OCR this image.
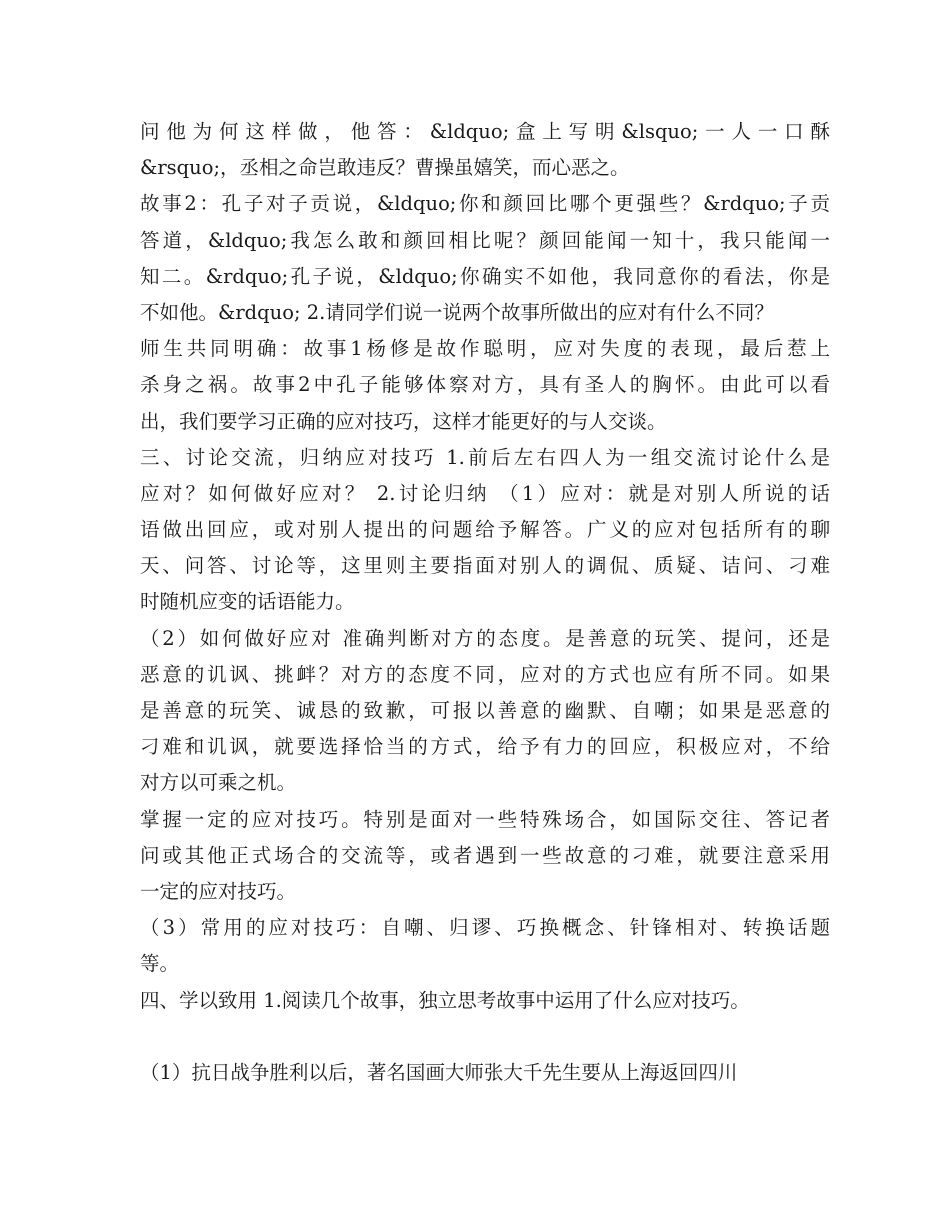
问他为何这样做，他答：&ldquo;盒上写明&lsquo;一人一口酥
&rsquo;，丞相之命岂敢违反？曹操虽嬉笑，而心恶之。
故事2：孔子对子贡说，&ldquo;你和颜回比哪个更强些？&rdquo;子贡
答道，&ldquo;我怎么敢和颜回相比呢？颜回能闻一知十，我只能闻一
知二。&rdquo;孔子说，&ldquo;你确实不如他，我同意你的看法，你是
不如他。&rdquo; 2.请同学们说一说两个故事所做出的应对有什么不同？
师生共同明确：故事1杨修是故作聪明，应对失度的表现，最后惹上
杀身之祸。故事2中孔子能够体察对方，具有圣人的胸怀。由此可以看
出，我们要学习正确的应对技巧，这样才能更好的与人交谈。
三、讨论交流，归纳应对技巧 1.前后左右四人为一组交流讨论什么是
应对？如何做好应对？ 2.讨论归纳 （1）应对：就是对别人所说的话
语做出回应，或对别人提出的问题给予解答。广义的应对包括所有的聊
天、问答、讨论等，这里则主要指面对别人的调侃、质疑、诘问、刁难
时随机应变的话语能力。
（2）如何做好应对 准确判断对方的态度。是善意的玩笑、提问，还是
恶意的讥讽、挑衅？对方的态度不同，应对的方式也应有所不同。如果
是善意的玩笑、诚恳的致歉，可报以善意的幽默、自嘲；如果是恶意的
刁难和讥讽，就要选择恰当的方式，给予有力的回应，积极应对，不给
对方以可乘之机。
掌握一定的应对技巧。特别是面对一些特殊场合，如国际交往、答记者
问或其他正式场合的交流等，或者遇到一些故意的刁难，就要注意采用
一定的应对技巧。
（3）常用的应对技巧：自嘲、归谬、巧换概念、针锋相对、转换话题
等。
四、学以致用 1.阅读几个故事，独立思考故事中运用了什么应对技巧。
（1）抗日战争胜利以后，著名国画大师张大千先生要从上海返回四川
